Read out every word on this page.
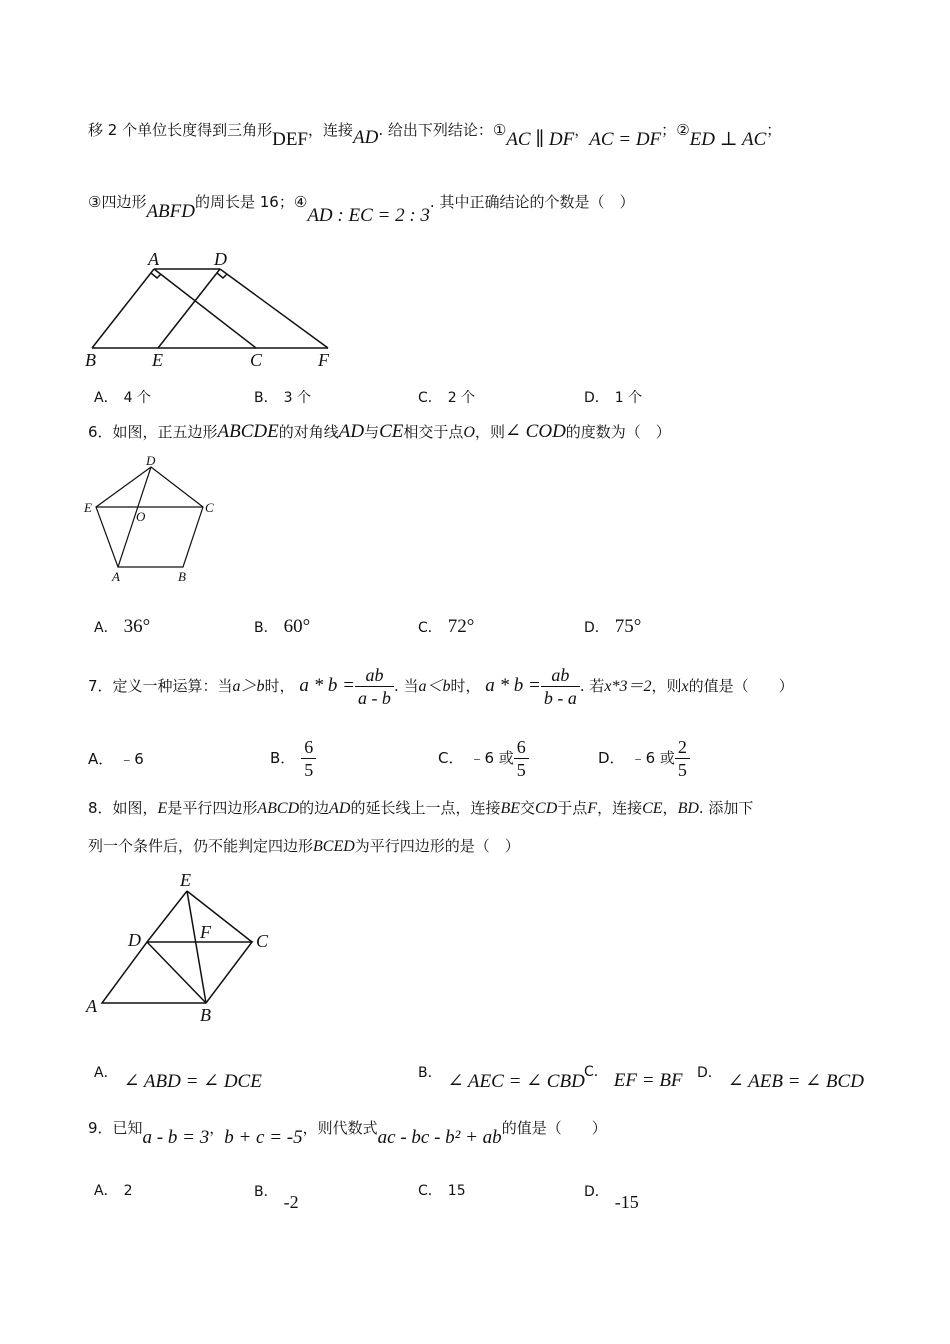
移 2 个单位长度得到三角形DEF，连接AD. 给出下列结论：①AC ∥ DF，AC = DF；②ED ⊥ AC；
③四边形ABFD的周长是 16；④AD : EC = 2 : 3. 其中正确结论的个数是（　）
A	D
B	E	C	F
A． 4 个	B． 3 个	C． 2 个	D． 1 个
6．如图，正五边形ABCDE的对角线AD与CE相交于点O，则∠ COD的度数为（　）
D
E
O
C
A	B
A． 36°	B． 60°	C． 72°	D． 75°
7．定义一种运算：当a＞b时， $a * b = \frac{ab}{a - b}$ . 当a＜b时， $a * b = \frac{ab}{b - a}$ . 若x*3＝2，则x的值是（　　）
A． ﹣6	B． $\frac{6}{5}$	C． ﹣6 或 $\frac{6}{5}$	D． ﹣6 或 $\frac{2}{5}$
8．如图，E是平行四边形ABCD的边AD的延长线上一点，连接BE交CD于点F，连接CE，BD. 添加下
列一个条件后，仍不能判定四边形BCED为平行四边形的是（　）
E
D	F	C
A	B
A． ∠ ABD = ∠ DCE	B． ∠ AEC = ∠ CBD C． EF = BF D． ∠ AEB = ∠ BCD
9．已知a - b = 3，b + c = -5，则代数式ac - bc - b² + ab的值是（　　）
A． 2	B． -2
C． 15	D． -15
